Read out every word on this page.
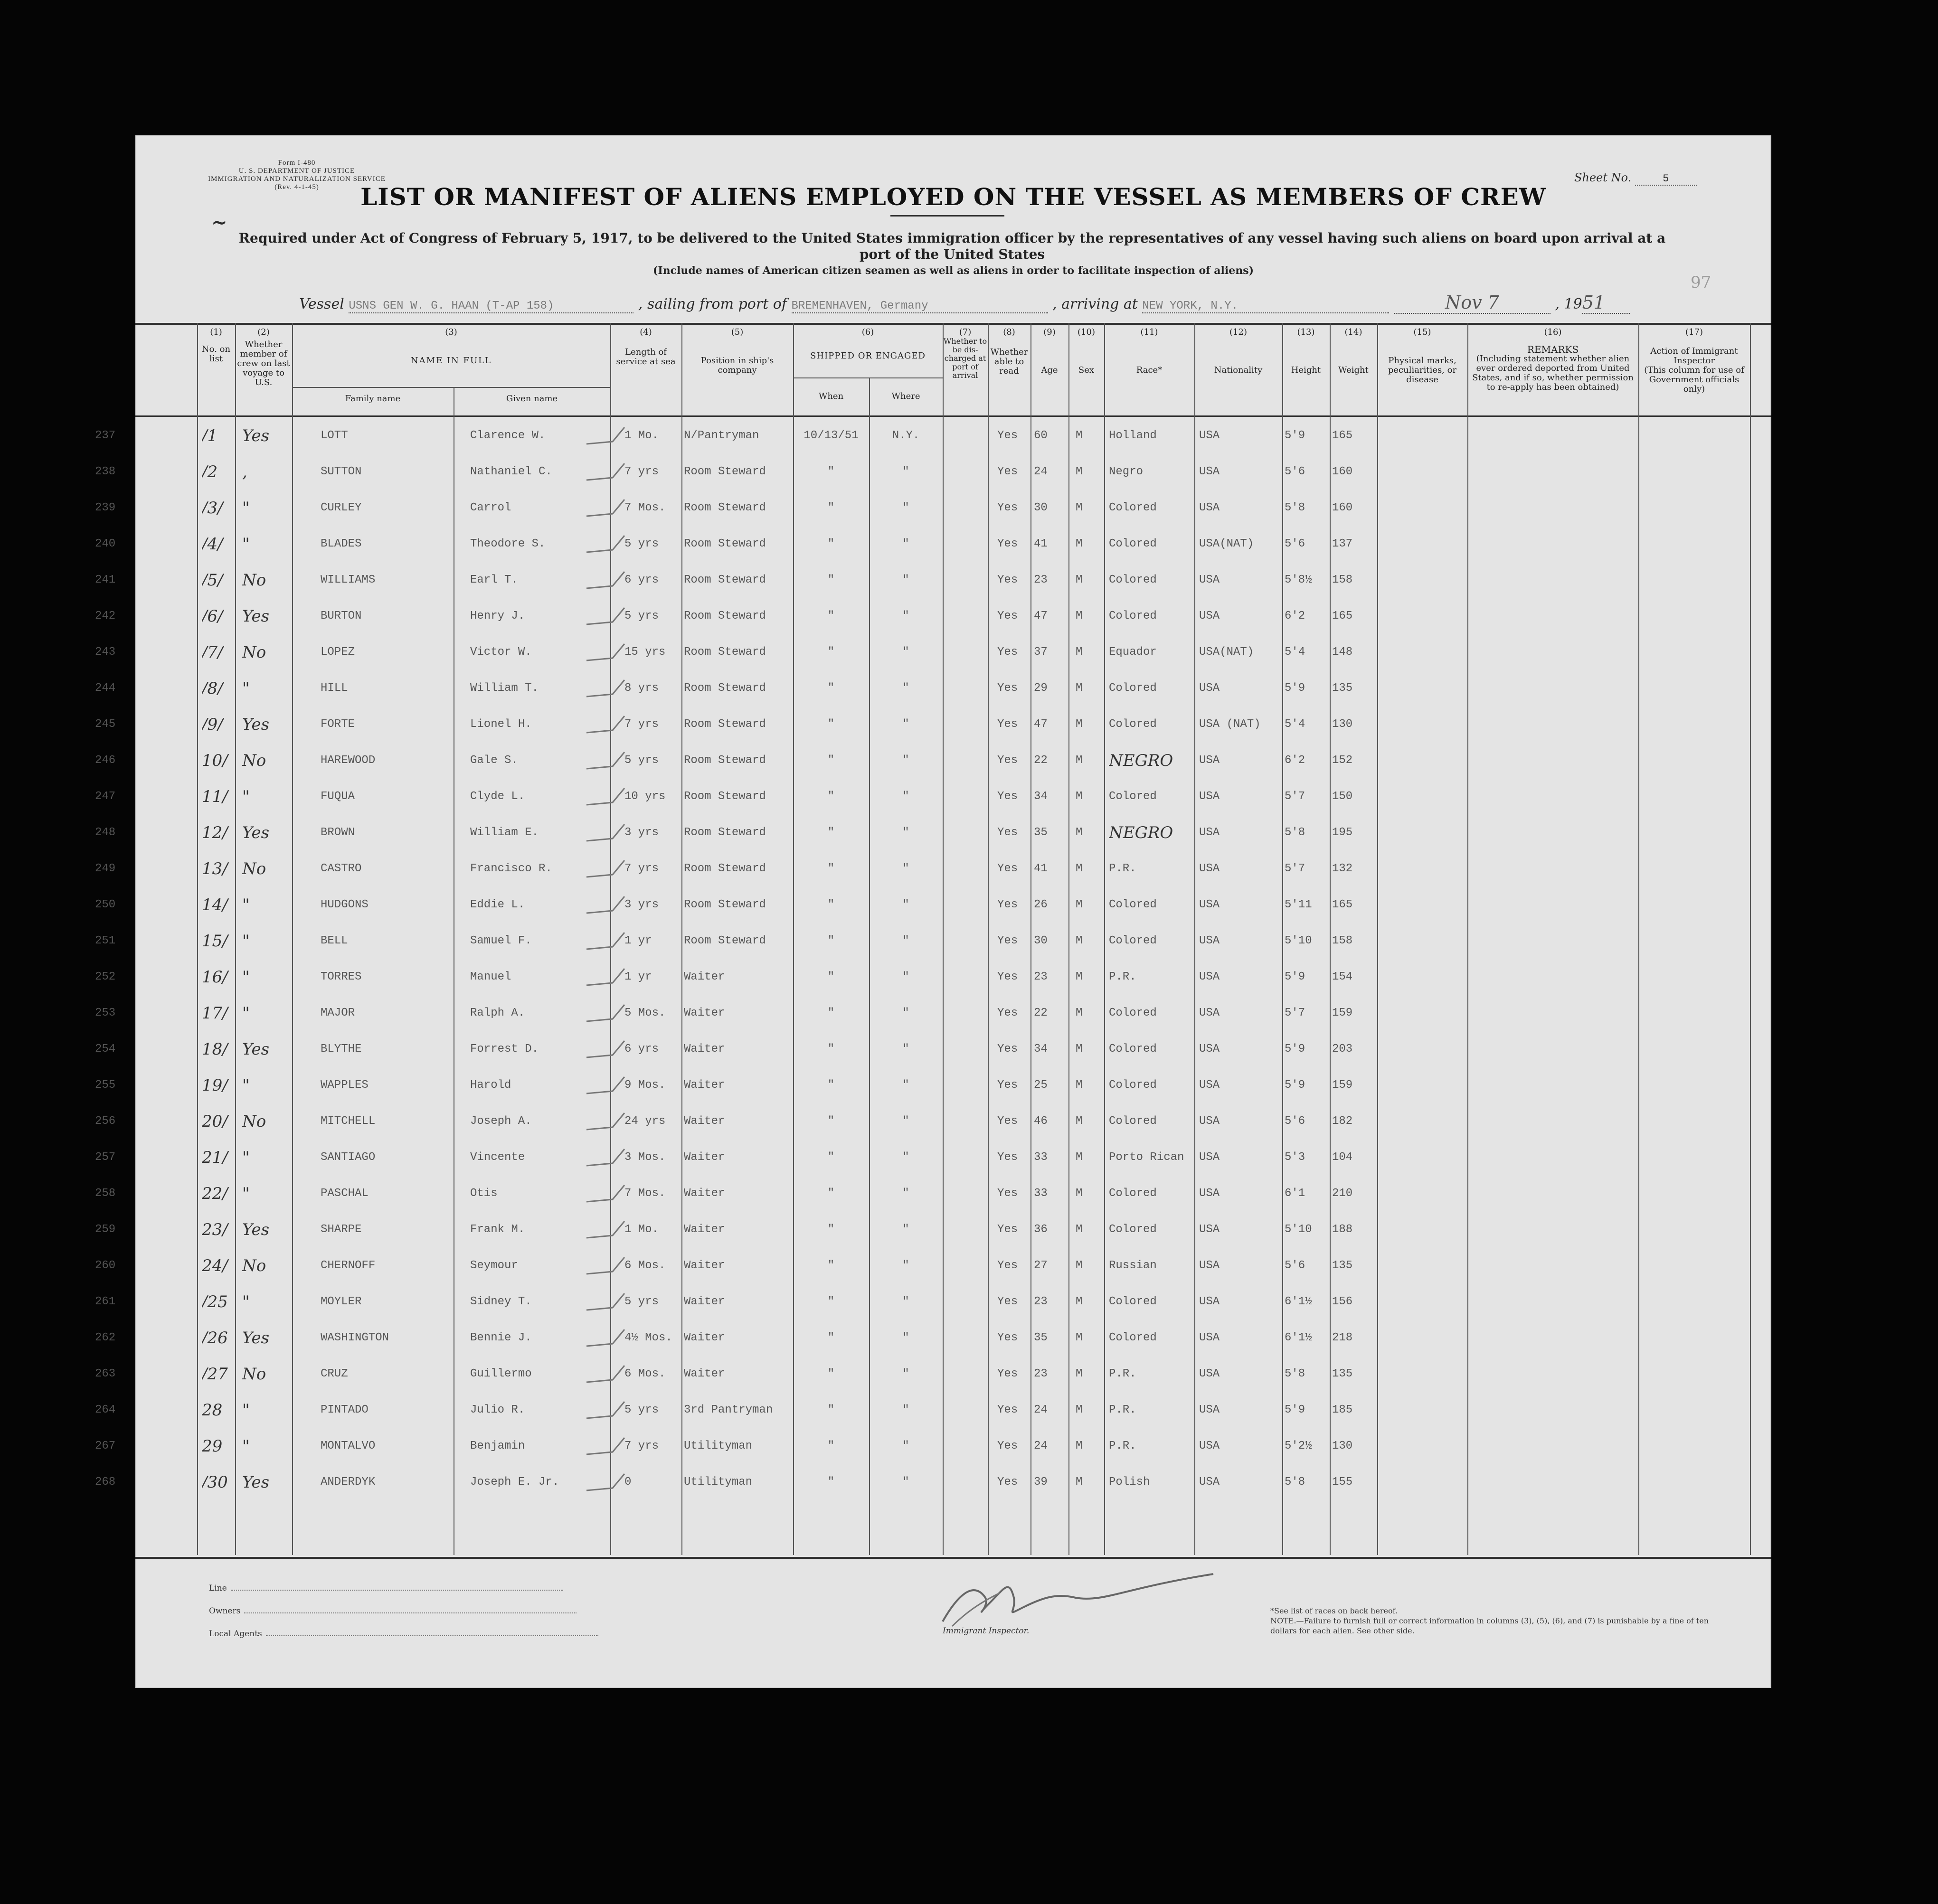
Form I-480
U. S. DEPARTMENT OF JUSTICE
IMMIGRATION AND NATURALIZATION SERVICE
(Rev. 4-1-45)
Sheet No.	5
LIST OR MANIFEST OF ALIENS EMPLOYED ON THE VESSEL AS MEMBERS OF CREW
~
Required under Act of Congress of February 5, 1917, to be delivered to the United States immigration officer by the representatives of any vessel having such aliens on board upon arrival at a port of the United States
(Include names of American citizen seamen as well as aliens in order to facilitate inspection of aliens)
Vessel USNS GEN W. G. HAAN (T-AP 158)	, sailing from port of BREMENHAVEN, Germany	, arriving at NEW YORK, N.Y.	Nov 7	, 1951
97
(1)
No. on list
(2)
Whether member of crew on last voyage to U.S.
(3)
NAME IN FULL
Family name	Given name
(4)
Length of service at sea
(5)
Position in ship's company
(6)
SHIPPED OR ENGAGED
When	Where
(7)
Whether to be dis-charged at port of arrival
(8)
Whether able to read
(9)
Age
(10)
Sex
(11)
Race*
(12)
Nationality
(13)
Height
(14)
Weight
(15)
Physical marks, peculiarities, or disease
(16)
REMARKS
(Including statement whether alien ever ordered deported from United States, and if so, whether permission to re-apply has been obtained)
(17)
Action of Immigrant Inspector
(This column for use of Government officials only)
237	/1	Yes	LOTT	Clarence W.	1 Mo.	N/Pantryman	10/13/51	N.Y.	Yes	60	M	Holland	USA	5'9	165
238	/2	,	SUTTON	Nathaniel C.	7 yrs	Room Steward	"	"	Yes	24	M	Negro	USA	5'6	160
239	/3/	"	CURLEY	Carrol	7 Mos.	Room Steward	"	"	Yes	30	M	Colored	USA	5'8	160
240	/4/	"	BLADES	Theodore S.	5 yrs	Room Steward	"	"	Yes	41	M	Colored	USA(NAT)	5'6	137
241	/5/	No	WILLIAMS	Earl T.	6 yrs	Room Steward	"	"	Yes	23	M	Colored	USA	5'8½	158
242	/6/	Yes	BURTON	Henry J.	5 yrs	Room Steward	"	"	Yes	47	M	Colored	USA	6'2	165
243	/7/	No	LOPEZ	Victor W.	15 yrs	Room Steward	"	"	Yes	37	M	Equador	USA(NAT)	5'4	148
244	/8/	"	HILL	William T.	8 yrs	Room Steward	"	"	Yes	29	M	Colored	USA	5'9	135
245	/9/	Yes	FORTE	Lionel H.	7 yrs	Room Steward	"	"	Yes	47	M	Colored	USA (NAT)	5'4	130
246	10/ No	HAREWOOD	Gale S.	5 yrs	Room Steward	"	"	Yes	22	M	NEGRO	USA	6'2	152
247	11/ "	FUQUA	Clyde L.	10 yrs	Room Steward	"	"	Yes	34	M	Colored	USA	5'7	150
248	12/ Yes	BROWN	William E.	3 yrs	Room Steward	"	"	Yes	35	M	NEGRO	USA	5'8	195
249	13/ No	CASTRO	Francisco R.	7 yrs	Room Steward	"	"	Yes	41	M	P.R.	USA	5'7	132
250	14/ "	HUDGONS	Eddie L.	3 yrs	Room Steward	"	"	Yes	26	M	Colored	USA	5'11	165
251	15/ "	BELL	Samuel F.	1 yr	Room Steward	"	"	Yes	30	M	Colored	USA	5'10	158
252	16/ "	TORRES	Manuel	1 yr	Waiter	"	"	Yes	23	M	P.R.	USA	5'9	154
253	17/ "	MAJOR	Ralph A.	5 Mos.	Waiter	"	"	Yes	22	M	Colored	USA	5'7	159
254	18/ Yes	BLYTHE	Forrest D.	6 yrs	Waiter	"	"	Yes	34	M	Colored	USA	5'9	203
255	19/ "	WAPPLES	Harold	9 Mos.	Waiter	"	"	Yes	25	M	Colored	USA	5'9	159
256	20/ No	MITCHELL	Joseph A.	24 yrs	Waiter	"	"	Yes	46	M	Colored	USA	5'6	182
257	21/ "	SANTIAGO	Vincente	3 Mos.	Waiter	"	"	Yes	33	M	Porto Rican	USA	5'3	104
258	22/ "	PASCHAL	Otis	7 Mos.	Waiter	"	"	Yes	33	M	Colored	USA	6'1	210
259	23/ Yes	SHARPE	Frank M.	1 Mo.	Waiter	"	"	Yes	36	M	Colored	USA	5'10	188
260	24/ No	CHERNOFF	Seymour	6 Mos.	Waiter	"	"	Yes	27	M	Russian	USA	5'6	135
261	/25 "	MOYLER	Sidney T.	5 yrs	Waiter	"	"	Yes	23	M	Colored	USA	6'1½	156
262	/26 Yes	WASHINGTON	Bennie J.	4½ Mos.	Waiter	"	"	Yes	35	M	Colored	USA	6'1½	218
263	/27 No	CRUZ	Guillermo	6 Mos.	Waiter	"	"	Yes	23	M	P.R.	USA	5'8	135
264	28	"	PINTADO	Julio R.	5 yrs	3rd Pantryman	"	"	Yes	24	M	P.R.	USA	5'9	185
267	29	"	MONTALVO	Benjamin	7 yrs	Utilityman	"	"	Yes	24	M	P.R.	USA	5'2½	130
268	/30 Yes	ANDERDYK	Joseph E. Jr.	0	Utilityman	"	"	Yes	39	M	Polish	USA	5'8	155
Line
Owners
Local Agents	Immigrant Inspector.
*See list of races on back hereof.
NOTE.—Failure to furnish full or correct information in columns (3), (5), (6), and (7) is punishable by a fine of ten dollars for each alien. See other side.
